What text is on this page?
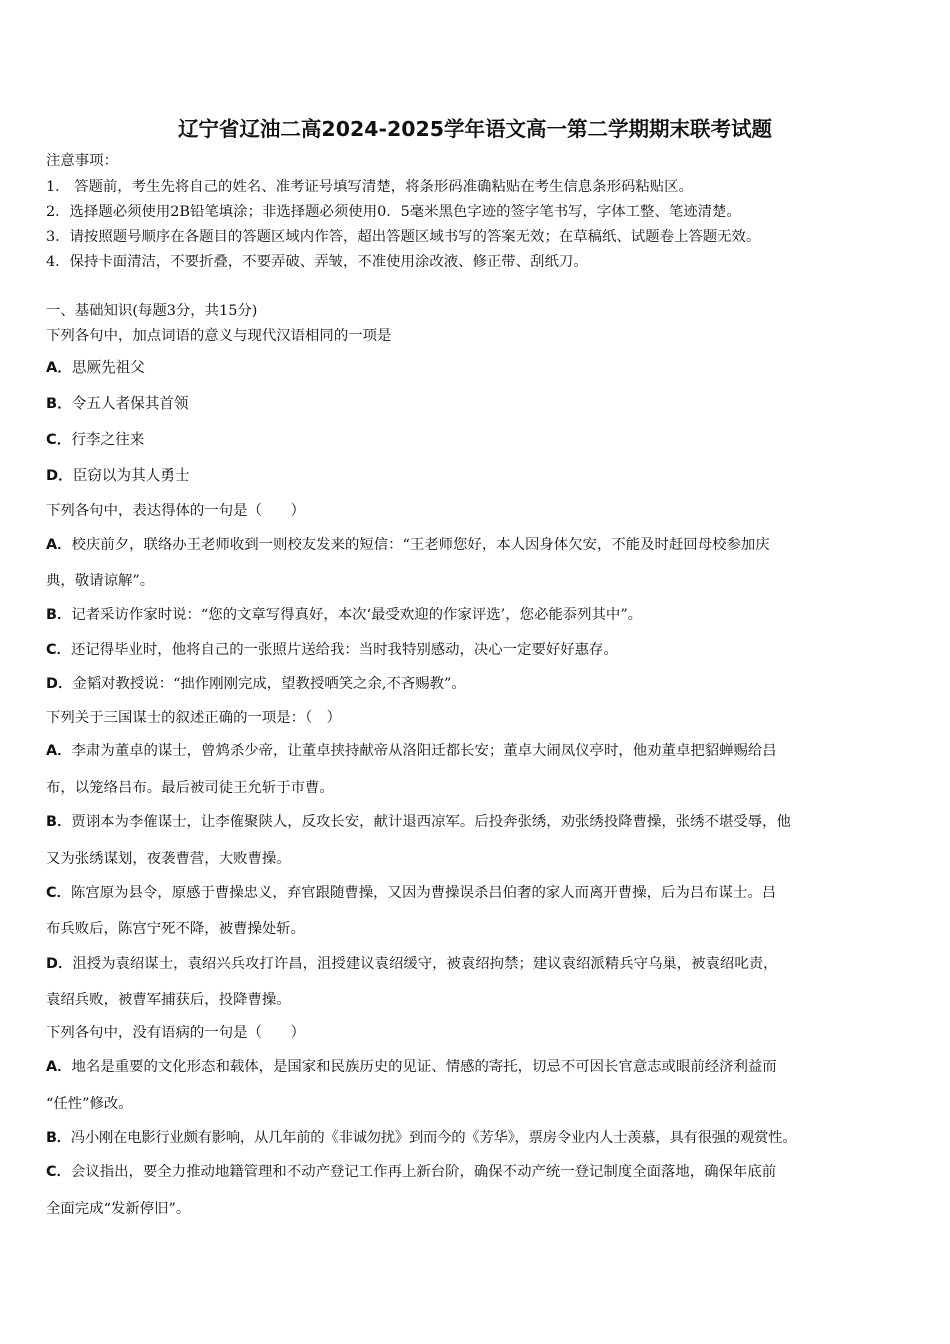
辽宁省辽油二高2024-2025学年语文高一第二学期期末联考试题
注意事项：
1． 答题前，考生先将自己的姓名、准考证号填写清楚，将条形码准确粘贴在考生信息条形码粘贴区。
2．选择题必须使用2B铅笔填涂；非选择题必须使用0．5毫米黑色字迹的签字笔书写，字体工整、笔迹清楚。
3．请按照题号顺序在各题目的答题区域内作答，超出答题区域书写的答案无效；在草稿纸、试题卷上答题无效。
4．保持卡面清洁，不要折叠，不要弄破、弄皱，不准使用涂改液、修正带、刮纸刀。
一、基础知识(每题3分，共15分)
下列各句中，加点词语的意义与现代汉语相同的一项是
A．思厥先祖父
B．令五人者保其首领
C．行李之往来
D．臣窃以为其人勇士
下列各句中，表达得体的一句是（　　）
A．校庆前夕，联络办王老师收到一则校友发来的短信：“王老师您好，本人因身体欠安，不能及时赶回母校参加庆
典，敬请谅解”。
B．记者采访作家时说：“您的文章写得真好，本次‘最受欢迎的作家评选’，您必能忝列其中”。
C．还记得毕业时，他将自己的一张照片送给我：当时我特别感动，决心一定要好好惠存。
D．金韬对教授说：“拙作刚刚完成，望教授哂笑之余,不吝赐教”。
下列关于三国谋士的叙述正确的一项是：（　）
A．李肃为董卓的谋士，曾鸩杀少帝，让董卓挟持献帝从洛阳迁都长安；董卓大闹凤仪亭时，他劝董卓把貂蝉赐给吕
布，以笼络吕布。最后被司徒王允斩于市曹。
B．贾诩本为李傕谋士，让李傕聚陕人，反攻长安，献计退西凉军。后投奔张绣，劝张绣投降曹操，张绣不堪受辱，他
又为张绣谋划，夜袭曹营，大败曹操。
C．陈宫原为县令，原感于曹操忠义，弃官跟随曹操，又因为曹操误杀吕伯奢的家人而离开曹操，后为吕布谋士。吕
布兵败后，陈宫宁死不降，被曹操处斩。
D．沮授为袁绍谋士，袁绍兴兵攻打许昌，沮授建议袁绍缓守，被袁绍拘禁；建议袁绍派精兵守乌巢，被袁绍叱责，
袁绍兵败，被曹军捕获后，投降曹操。
下列各句中，没有语病的一句是（　　）
A．地名是重要的文化形态和载体，是国家和民族历史的见证、情感的寄托，切忌不可因长官意志或眼前经济利益而
“任性”修改。
B．冯小刚在电影行业颇有影响，从几年前的《非诚勿扰》到而今的《芳华》，票房令业内人士羡慕，具有很强的观赏性。
C．会议指出，要全力推动地籍管理和不动产登记工作再上新台阶，确保不动产统一登记制度全面落地，确保年底前
全面完成“发新停旧”。
